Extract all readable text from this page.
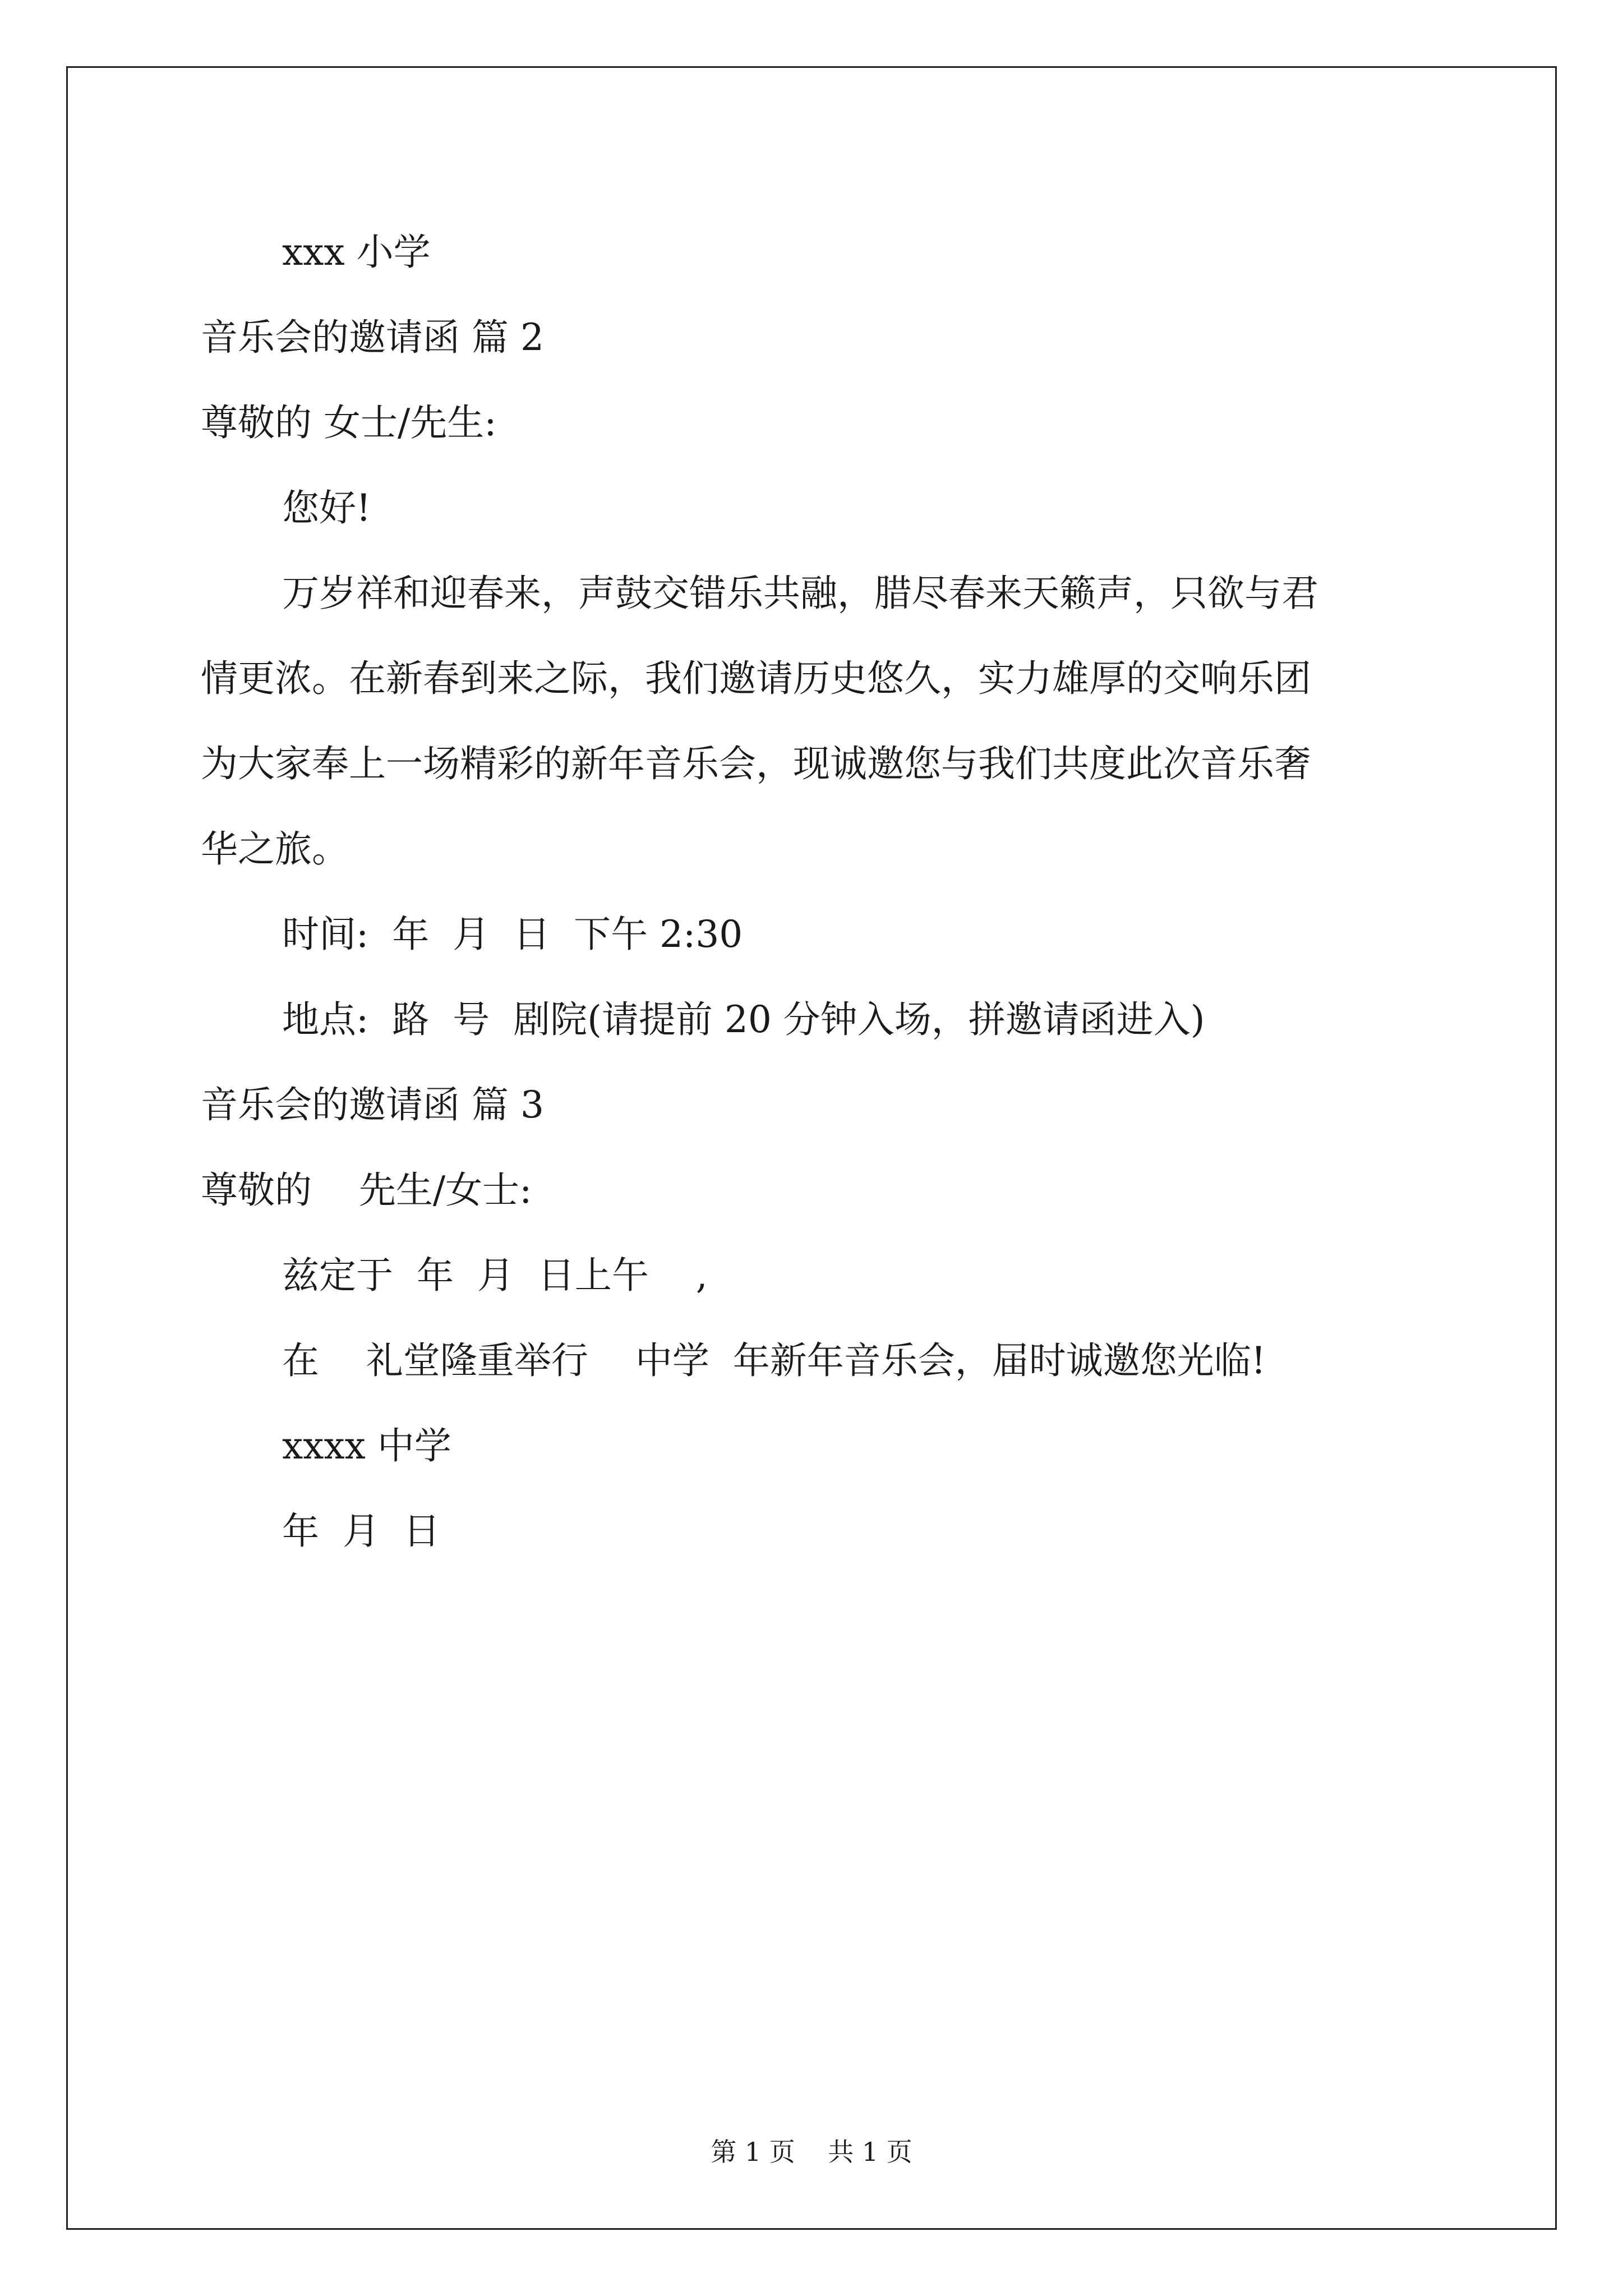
xxx 小学

音乐会的邀请函 篇 2

尊敬的 女士/先生:

您好!

万岁祥和迎春来，声鼓交错乐共融，腊尽春来天籁声，只欲与君

情更浓。在新春到来之际，我们邀请历史悠久，实力雄厚的交响乐团

为大家奉上一场精彩的新年音乐会，现诚邀您与我们共度此次音乐奢

华之旅。

时间:  年  月  日  下午 2:30

地点:  路  号  剧院(请提前 20 分钟入场，拼邀请函进入)

音乐会的邀请函 篇 3

尊敬的    先生/女士:

兹定于  年  月  日上午    ,

在    礼堂隆重举行    中学  年新年音乐会，届时诚邀您光临!

xxxx 中学

年  月  日

第 1 页    共 1 页
